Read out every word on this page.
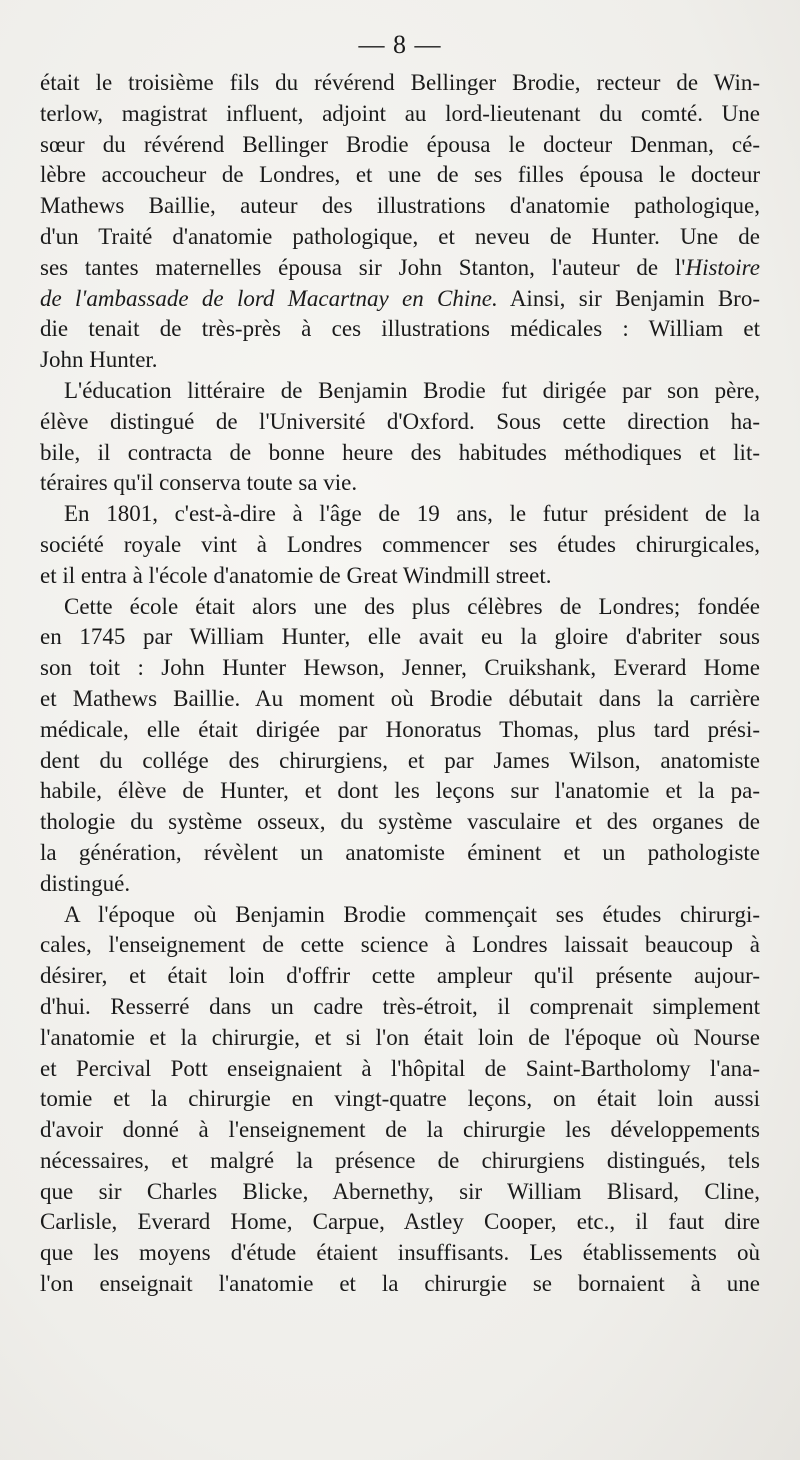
— 8 —
était le troisième fils du révérend Bellinger Brodie, recteur de Win-
terlow, magistrat influent, adjoint au lord-lieutenant du comté. Une
sœur du révérend Bellinger Brodie épousa le docteur Denman, cé-
lèbre accoucheur de Londres, et une de ses filles épousa le docteur
Mathews Baillie, auteur des illustrations d'anatomie pathologique,
d'un Traité d'anatomie pathologique, et neveu de Hunter. Une de
ses tantes maternelles épousa sir John Stanton, l'auteur de l'Histoire
de l'ambassade de lord Macartnay en Chine. Ainsi, sir Benjamin Bro-
die tenait de très-près à ces illustrations médicales : William et
John Hunter.
L'éducation littéraire de Benjamin Brodie fut dirigée par son père,
élève distingué de l'Université d'Oxford. Sous cette direction ha-
bile, il contracta de bonne heure des habitudes méthodiques et lit-
téraires qu'il conserva toute sa vie.
En 1801, c'est-à-dire à l'âge de 19 ans, le futur président de la
société royale vint à Londres commencer ses études chirurgicales,
et il entra à l'école d'anatomie de Great Windmill street.
Cette école était alors une des plus célèbres de Londres; fondée
en 1745 par William Hunter, elle avait eu la gloire d'abriter sous
son toit : John Hunter Hewson, Jenner, Cruikshank, Everard Home
et Mathews Baillie. Au moment où Brodie débutait dans la carrière
médicale, elle était dirigée par Honoratus Thomas, plus tard prési-
dent du collége des chirurgiens, et par James Wilson, anatomiste
habile, élève de Hunter, et dont les leçons sur l'anatomie et la pa-
thologie du système osseux, du système vasculaire et des organes de
la génération, révèlent un anatomiste éminent et un pathologiste
distingué.
A l'époque où Benjamin Brodie commençait ses études chirurgi-
cales, l'enseignement de cette science à Londres laissait beaucoup à
désirer, et était loin d'offrir cette ampleur qu'il présente aujour-
d'hui. Resserré dans un cadre très-étroit, il comprenait simplement
l'anatomie et la chirurgie, et si l'on était loin de l'époque où Nourse
et Percival Pott enseignaient à l'hôpital de Saint-Bartholomy l'ana-
tomie et la chirurgie en vingt-quatre leçons, on était loin aussi
d'avoir donné à l'enseignement de la chirurgie les développements
nécessaires, et malgré la présence de chirurgiens distingués, tels
que sir Charles Blicke, Abernethy, sir William Blisard, Cline,
Carlisle, Everard Home, Carpue, Astley Cooper, etc., il faut dire
que les moyens d'étude étaient insuffisants. Les établissements où
l'on enseignait l'anatomie et la chirurgie se bornaient à une
